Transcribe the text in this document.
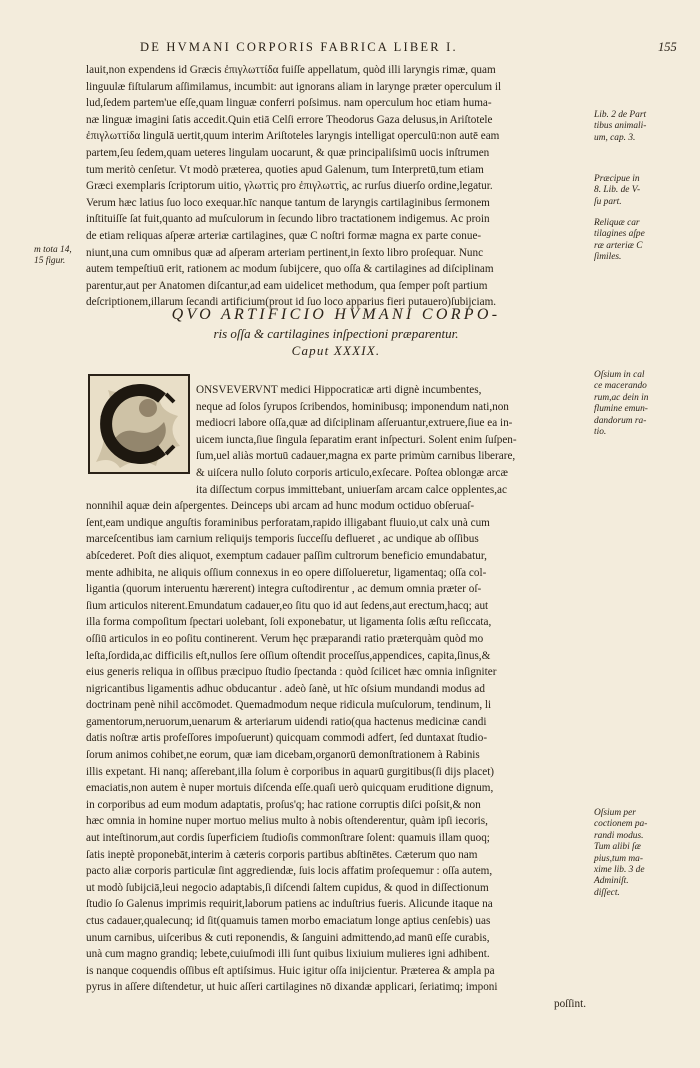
DE HVMANI CORPORIS FABRICA LIBER I.	155
lauit,non expendens id Græcis ἐπιγλωττίδα fuiſſe appellatum, quòd illi laryngis rimæ, quam
linguulæ fiſtularum aſſimilamus, incumbit: aut ignorans aliam in larynge præter operculum il
lud,ſedem partem'ue eſſe,quam linguæ conferri poſsimus. nam operculum hoc etiam huma-
næ linguæ imagini ſatis accedit.Quin etiā Celſi errore Theodorus Gaza delusus,in Ariſtotele
ἐπιγλωττίδα lingulā uertit,quum interim Ariſtoteles laryngis intelligat operculū:non autē eam
partem,ſeu ſedem,quam ueteres lingulam uocarunt, & quæ principaliſsimū uocis inſtrumen
tum meritò cenſetur. Vt modò præterea, quoties apud Galenum, tum Interpretū,tum etiam
Græci exemplaris ſcriptorum uitio, γλωττὶς pro ἐπιγλωττὶς, ac rurſus diuerſo ordine,legatur.
Verum hæc latius ſuo loco exequar.hīc nanque tantum de laryngis cartilaginibus ſermonem
inſtituiſſe ſat fuit,quanto ad muſculorum in ſecundo libro tractationem indigemus. Ac proin
de etiam reliquas aſperæ arteriæ cartilagines, quæ C noſtri formæ magna ex parte conue-
niunt,una cum omnibus quæ ad aſperam arteriam pertinent,in ſexto libro proſequar. Nunc
autem tempeſtiuū erit, rationem ac modum ſubijcere, quo oſſa & cartilagines ad diſciplinam
parentur,aut per Anatomen diſcantur,ad eam uidelicet methodum, qua ſemper poſt partium
deſcriptionem,illarum ſecandi artificium(prout id ſuo loco apparius fieri putauero)ſubijciam.
QVO ARTIFICIO HVMANI CORPO-
ris oſſa & cartilagines inſpectioni præparentur.
Caput XXXIX.
ONSVEVERVNT medici Hippocraticæ arti dignè incumbentes,
neque ad ſolos ſyrupos ſcribendos, hominibusq; imponendum nati,non
mediocri labore oſſa,quæ ad diſciplinam aſſeruantur,extruere,ſiue ea in-
uicem iuncta,ſiue ſingula ſeparatim erant inſpecturi. Solent enim ſuſpen-
ſum,uel aliàs mortuū cadauer,magna ex parte primùm carnibus liberare,
& uiſcera nullo ſoluto corporis articulo,exſecare. Poſtea oblongæ arcæ
ita diſſectum corpus immittebant, uniuerſam arcam calce opplentes,ac
nonnihil aquæ dein aſpergentes. Deinceps ubi arcam ad hunc modum octiduo obſeruaſ-
ſent,eam undique anguſtis foraminibus perforatam,rapido illigabant fluuio,ut calx unà cum
marceſcentibus iam carnium reliquijs temporis ſucceſſu deflueret , ac undique ab oſſibus
abſcederet. Poſt dies aliquot, exemptum cadauer paſſim cultrorum beneficio emundabatur,
mente adhibita, ne aliquis oſſium connexus in eo opere diſſolueretur, ligamentaq; oſſa col-
ligantia (quorum interuentu hærerent) integra cuſtodirentur , ac demum omnia præter oſ-
ſium articulos niterent.Emundatum cadauer,eo ſitu quo id aut ſedens,aut erectum,hacq; aut
illa forma compoſitum ſpectari uolebant, ſoli exponebatur, ut ligamenta ſolis æſtu reſiccata,
oſſiū articulos in eo poſitu continerent. Verum hęc præparandi ratio præterquàm quòd mo
leſta,ſordida,ac difficilis eſt,nullos ſere oſſium oſtendit proceſſus,appendices, capita,ſinus,&
eius generis reliqua in oſſibus præcipuo ſtudio ſpectanda : quòd ſcilicet hæc omnia inſigniter
nigricantibus ligamentis adhuc obducantur . adeò ſanè, ut hīc oſsium mundandi modus ad
doctrinam penè nihil accōmodet. Quemadmodum neque ridicula muſculorum, tendinum, li
gamentorum,neruorum,uenarum & arteriarum uidendi ratio(qua hactenus medicinæ candi
datis noſtræ artis profeſſores impoſuerunt) quicquam commodi adfert, ſed duntaxat ſtudio-
ſorum animos cohibet,ne eorum, quæ iam dicebam,organorū demonſtrationem à Rabinis
illis expetant. Hi nanq; aſſerebant,illa ſolum è corporibus in aquarū gurgitibus(ſi dijs placet)
emaciatis,non autem è nuper mortuis diſcenda eſſe.quaſi uerò quicquam eruditione dignum,
in corporibus ad eum modum adaptatis, proſus'q; hac ratione corruptis diſci poſsit,& non
hæc omnia in homine nuper mortuo melius multo à nobis oſtenderentur, quàm ipſi iecoris,
aut inteſtinorum,aut cordis ſuperficiem ſtudioſis commonſtrare ſolent: quamuis illam quoq;
ſatis ineptè proponebāt,interim à cæteris corporis partibus abſtinētes. Cæterum quo nam
pacto aliæ corporis particulæ ſint aggrediendæ, ſuis locis affatim proſequemur : oſſa autem,
ut modò ſubijciā,leui negocio adaptabis,ſi diſcendi ſaltem cupidus, & quod in diſſectionum
ſtudio ſo Galenus imprimis requirit,laborum patiens ac induſtrius fueris. Alicunde itaque na
ctus cadauer,qualecunq; id ſit(quamuis tamen morbo emaciatum longe aptius cenſebis) uas
unum carnibus, uiſceribus & cuti reponendis, & ſanguini admittendo,ad manū eſſe curabis,
unà cum magno grandiq; lebete,cuiuſmodi illi ſunt quibus lixiuium mulieres igni adhibent.
is nanque coquendis oſſibus eſt aptiſsimus. Huic igitur oſſa inijcientur. Præterea & ampla pa
pyrus in aſſere diſtendetur, ut huic aſſeri cartilagines nō dixandæ applicari, ſeriatimq; imponi
poſſint.
m tota 14,
15 figur.
Lib. 2 de Part
tibus animali-
um, cap. 3.
Præcipue in
8. Lib. de V-
ſu part.
Reliquæ car
tilagines aſpe
ræ arteriæ C
ſimiles.
Oſsium in cal
ce macerando
rum,ac dein in
flumine emun-
dandorum ra-
tio.
Oſsium per
coctionem pa-
randi modus.
Tum alibi ſæ
pius,tum ma-
xime lib. 3 de
Adminiſt.
diſſect.
